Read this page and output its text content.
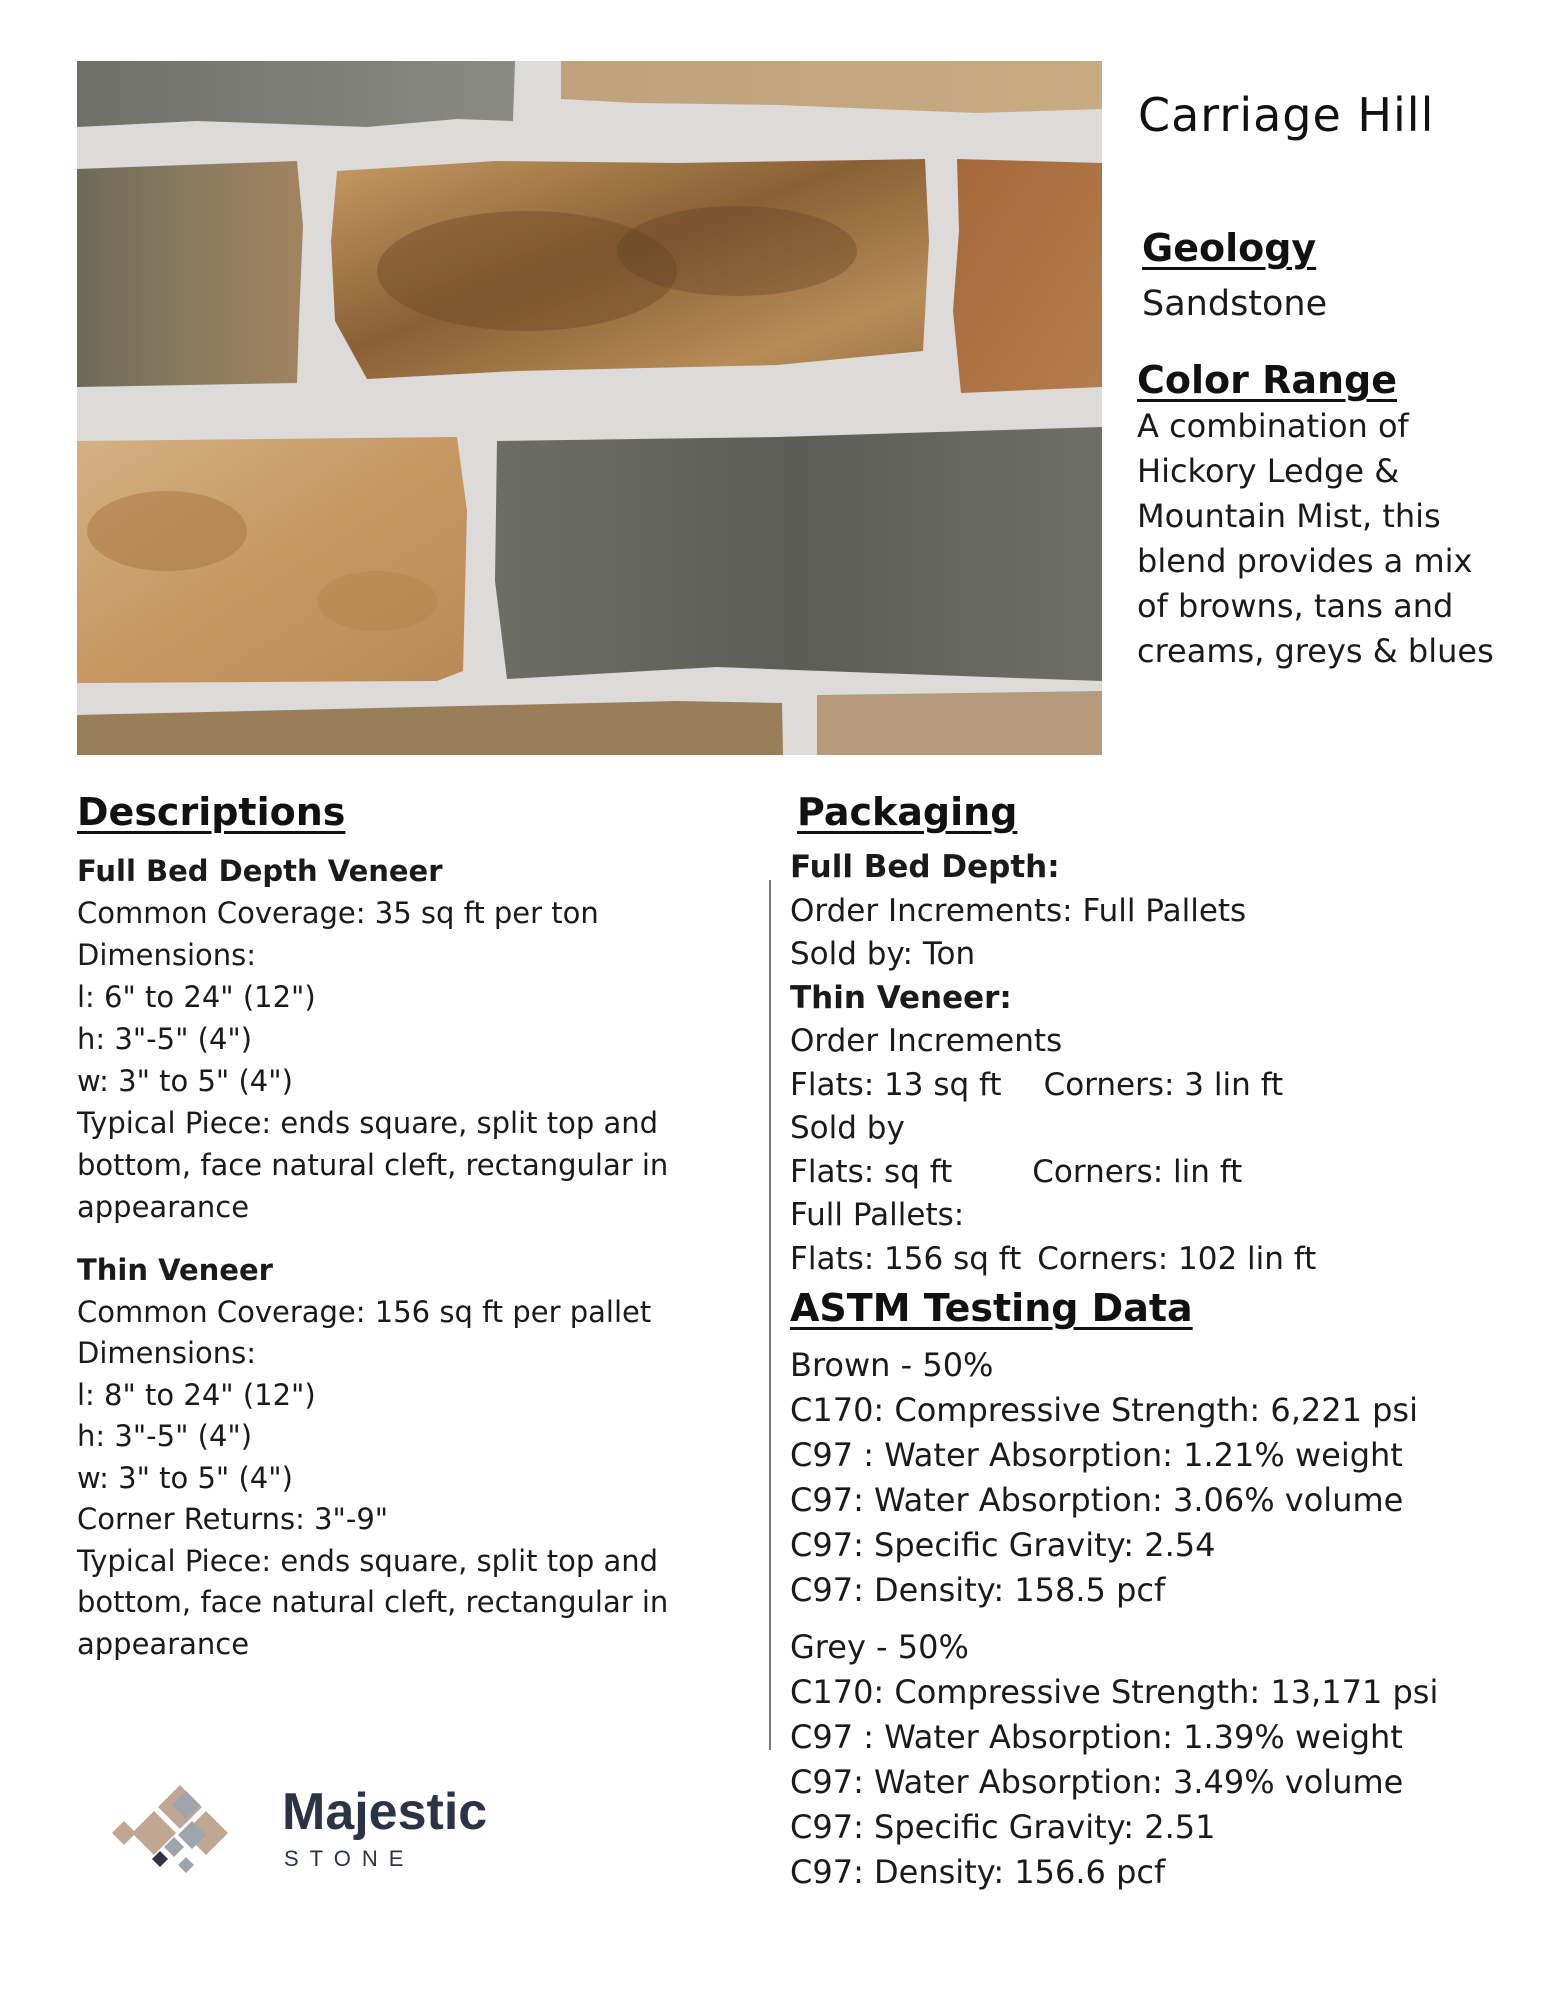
Carriage Hill
Geology
Sandstone
Color Range
A combination of
Hickory Ledge &
Mountain Mist, this
blend provides a mix
of browns, tans and
creams, greys & blues
Descriptions
Full Bed Depth Veneer
Common Coverage: 35 sq ft per ton
Dimensions:
l: 6" to 24" (12")
h: 3"-5" (4")
w: 3" to 5" (4")
Typical Piece: ends square, split top and
bottom, face natural cleft, rectangular in
appearance
Thin Veneer
Common Coverage: 156 sq ft per pallet
Dimensions:
l: 8" to 24" (12")
h: 3"-5" (4")
w: 3" to 5" (4")
Corner Returns: 3"-9"
Typical Piece: ends square, split top and
bottom, face natural cleft, rectangular in
appearance
Packaging
Full Bed Depth:
Order Increments: Full Pallets
Sold by: Ton
Thin Veneer:
Order Increments
Flats: 13 sq ft Corners: 3 lin ft
Sold by
Flats: sq ft	Corners: lin ft
Full Pallets:
Flats: 156 sq ft Corners: 102 lin ft
ASTM Testing Data
Brown - 50%
C170: Compressive Strength: 6,221 psi
C97 : Water Absorption: 1.21% weight
C97: Water Absorption: 3.06% volume
C97: Specific Gravity: 2.54
C97: Density: 158.5 pcf
Grey - 50%
C170: Compressive Strength: 13,171 psi
C97 : Water Absorption: 1.39% weight
C97: Water Absorption: 3.49% volume
C97: Specific Gravity: 2.51
C97: Density: 156.6 pcf
Majestic
STONE
